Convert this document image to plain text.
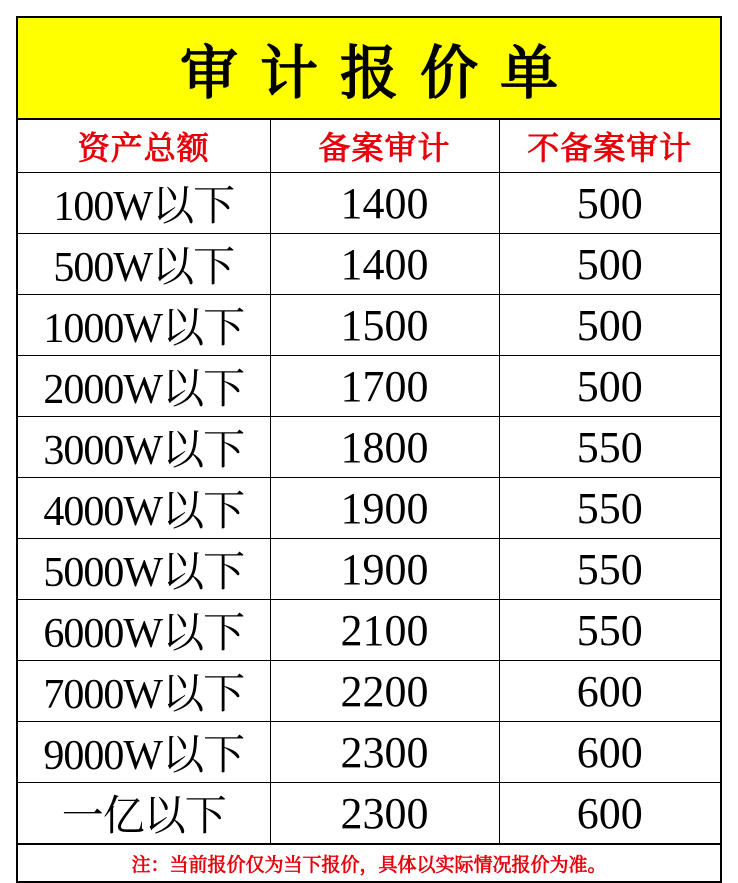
审计报价单
资产总额	备案审计	不备案审计
100W以下	1400	500
500W以下	1400	500
1000W以下	1500	500
2000W以下	1700	500
3000W以下	1800	550
4000W以下	1900	550
5000W以下	1900	550
6000W以下	2100	550
7000W以下	2200	600
9000W以下	2300	600
一亿以下	2300	600
注：当前报价仅为当下报价，具体以实际情况报价为准。
